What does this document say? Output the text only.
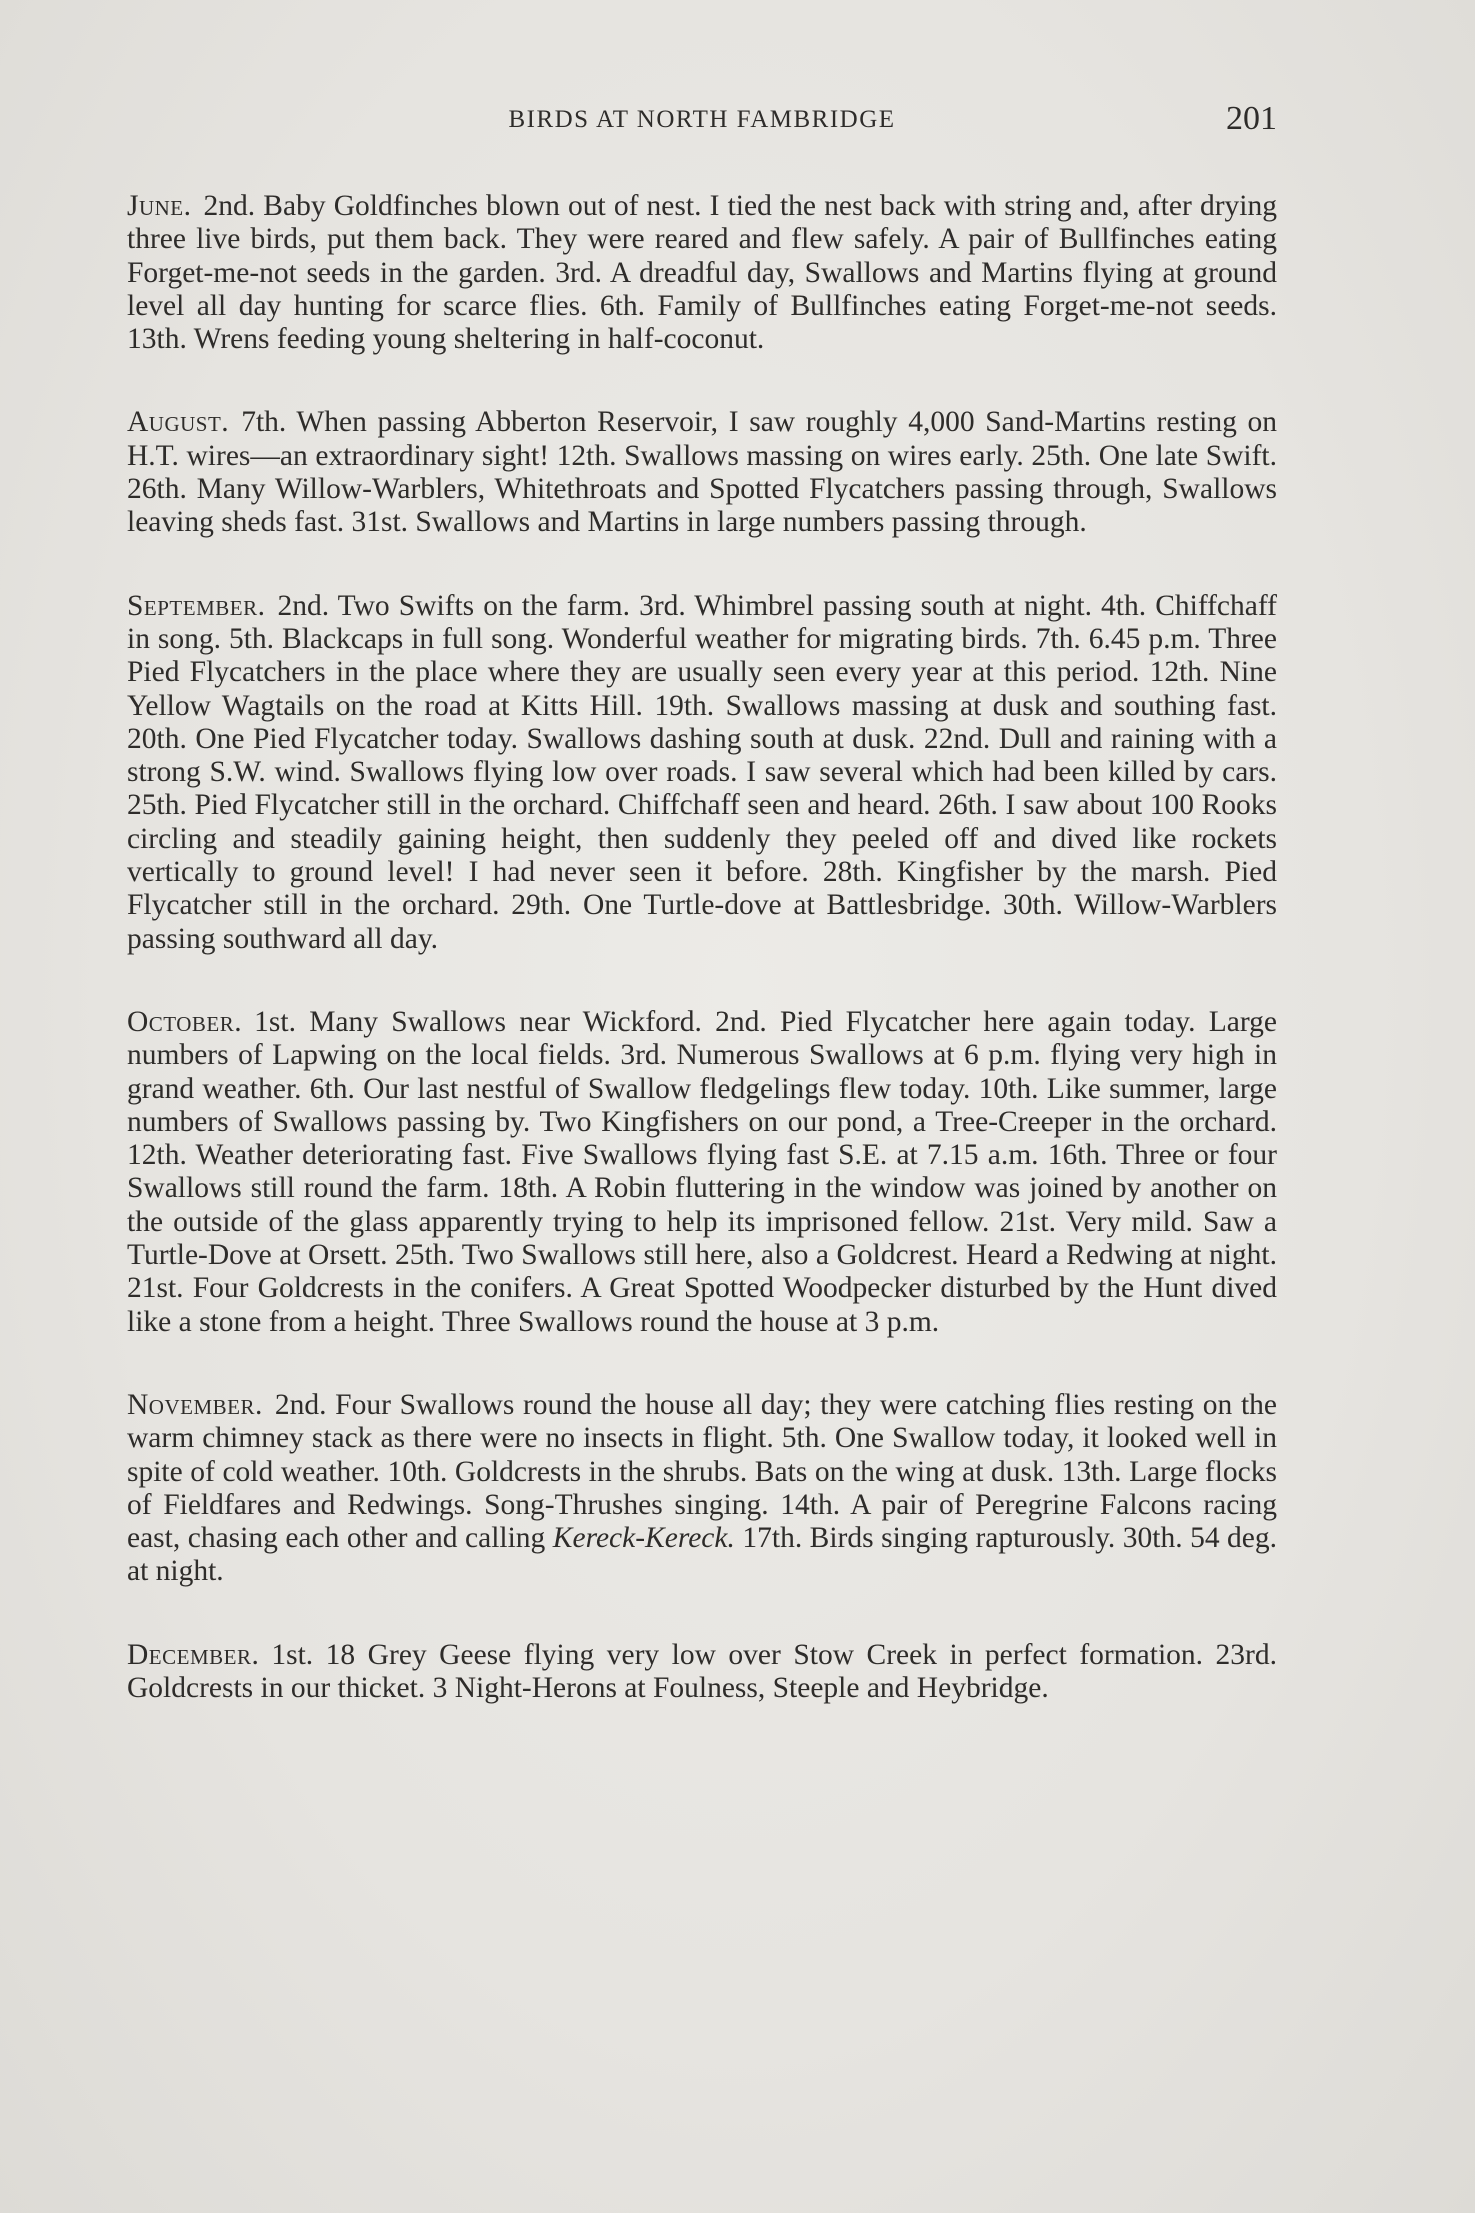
BIRDS AT NORTH FAMBRIDGE	201

June. 2nd. Baby Goldfinches blown out of nest. I tied the nest back with string and, after drying three live birds, put them back. They were reared and flew safely. A pair of Bullfinches eating Forget-me-not seeds in the garden. 3rd. A dreadful day, Swallows and Martins flying at ground level all day hunting for scarce flies. 6th. Family of Bullfinches eating Forget-me-not seeds. 13th. Wrens feeding young sheltering in half-coconut.

August. 7th. When passing Abberton Reservoir, I saw roughly 4,000 Sand-Martins resting on H.T. wires—an extraordinary sight! 12th. Swallows massing on wires early. 25th. One late Swift. 26th. Many Willow-Warblers, Whitethroats and Spotted Flycatchers passing through, Swallows leaving sheds fast. 31st. Swallows and Martins in large numbers passing through.

September. 2nd. Two Swifts on the farm. 3rd. Whimbrel passing south at night. 4th. Chiffchaff in song. 5th. Blackcaps in full song. Wonderful weather for migrating birds. 7th. 6.45 p.m. Three Pied Flycatchers in the place where they are usually seen every year at this period. 12th. Nine Yellow Wagtails on the road at Kitts Hill. 19th. Swallows massing at dusk and southing fast. 20th. One Pied Flycatcher today. Swallows dashing south at dusk. 22nd. Dull and raining with a strong S.W. wind. Swallows flying low over roads. I saw several which had been killed by cars. 25th. Pied Flycatcher still in the orchard. Chiffchaff seen and heard. 26th. I saw about 100 Rooks circling and steadily gaining height, then suddenly they peeled off and dived like rockets vertically to ground level! I had never seen it before. 28th. Kingfisher by the marsh. Pied Flycatcher still in the orchard. 29th. One Turtle-dove at Battlesbridge. 30th. Willow-Warblers passing southward all day.

October. 1st. Many Swallows near Wickford. 2nd. Pied Flycatcher here again today. Large numbers of Lapwing on the local fields. 3rd. Numerous Swallows at 6 p.m. flying very high in grand weather. 6th. Our last nestful of Swallow fledgelings flew today. 10th. Like summer, large numbers of Swallows passing by. Two Kingfishers on our pond, a Tree-Creeper in the orchard. 12th. Weather deteriorating fast. Five Swallows flying fast S.E. at 7.15 a.m. 16th. Three or four Swallows still round the farm. 18th. A Robin fluttering in the window was joined by another on the outside of the glass apparently trying to help its imprisoned fellow. 21st. Very mild. Saw a Turtle-Dove at Orsett. 25th. Two Swallows still here, also a Goldcrest. Heard a Redwing at night. 21st. Four Goldcrests in the conifers. A Great Spotted Woodpecker disturbed by the Hunt dived like a stone from a height. Three Swallows round the house at 3 p.m.

November. 2nd. Four Swallows round the house all day; they were catching flies resting on the warm chimney stack as there were no insects in flight. 5th. One Swallow today, it looked well in spite of cold weather. 10th. Goldcrests in the shrubs. Bats on the wing at dusk. 13th. Large flocks of Fieldfares and Redwings. Song-Thrushes singing. 14th. A pair of Peregrine Falcons racing east, chasing each other and calling Kereck-Kereck. 17th. Birds singing rapturously. 30th. 54 deg. at night.

December. 1st. 18 Grey Geese flying very low over Stow Creek in perfect formation. 23rd. Goldcrests in our thicket. 3 Night-Herons at Foulness, Steeple and Heybridge.
